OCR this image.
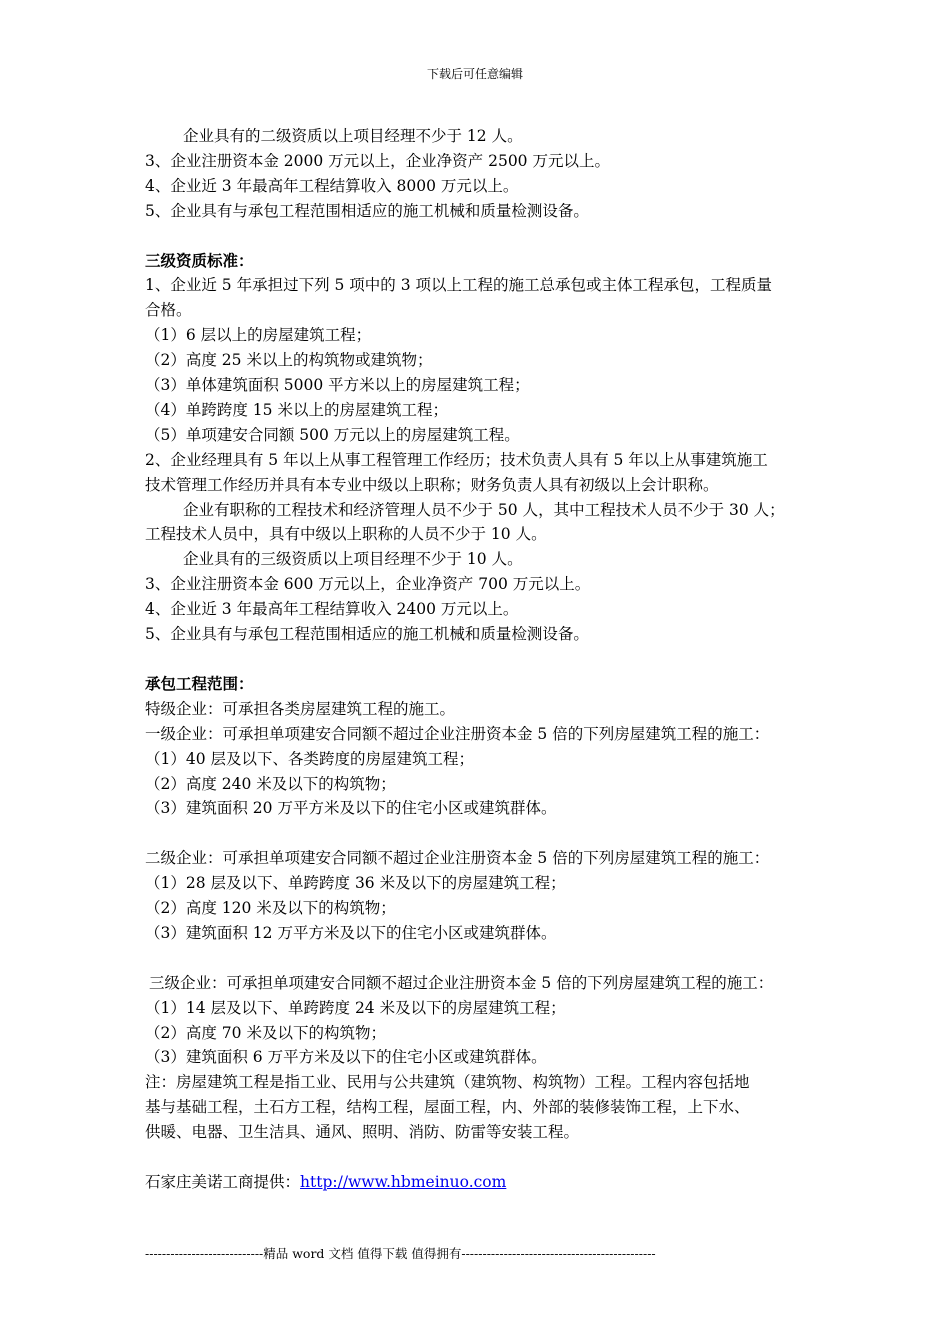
下载后可任意编辑

企业具有的二级资质以上项目经理不少于 12 人。

3、企业注册资本金 2000 万元以上，企业净资产 2500 万元以上。

4、企业近 3 年最高年工程结算收入 8000 万元以上。

5、企业具有与承包工程范围相适应的施工机械和质量检测设备。

三级资质标准：

1、企业近 5 年承担过下列 5 项中的 3 项以上工程的施工总承包或主体工程承包，工程质量

合格。

（1）6 层以上的房屋建筑工程；

（2）高度 25 米以上的构筑物或建筑物；

（3）单体建筑面积 5000 平方米以上的房屋建筑工程；

（4）单跨跨度 15 米以上的房屋建筑工程；

（5）单项建安合同额 500 万元以上的房屋建筑工程。

2、企业经理具有 5 年以上从事工程管理工作经历；技术负责人具有 5 年以上从事建筑施工

技术管理工作经历并具有本专业中级以上职称；财务负责人具有初级以上会计职称。

企业有职称的工程技术和经济管理人员不少于 50 人，其中工程技术人员不少于 30 人；

工程技术人员中，具有中级以上职称的人员不少于 10 人。

企业具有的三级资质以上项目经理不少于 10 人。

3、企业注册资本金 600 万元以上，企业净资产 700 万元以上。

4、企业近 3 年最高年工程结算收入 2400 万元以上。

5、企业具有与承包工程范围相适应的施工机械和质量检测设备。

承包工程范围：

特级企业：可承担各类房屋建筑工程的施工。

一级企业：可承担单项建安合同额不超过企业注册资本金 5 倍的下列房屋建筑工程的施工：

（1）40 层及以下、各类跨度的房屋建筑工程；

（2）高度 240 米及以下的构筑物；

（3）建筑面积 20 万平方米及以下的住宅小区或建筑群体。

二级企业：可承担单项建安合同额不超过企业注册资本金 5 倍的下列房屋建筑工程的施工：

（1）28 层及以下、单跨跨度 36 米及以下的房屋建筑工程；

（2）高度 120 米及以下的构筑物；

（3）建筑面积 12 万平方米及以下的住宅小区或建筑群体。

三级企业：可承担单项建安合同额不超过企业注册资本金 5 倍的下列房屋建筑工程的施工：

（1）14 层及以下、单跨跨度 24 米及以下的房屋建筑工程；

（2）高度 70 米及以下的构筑物；

（3）建筑面积 6 万平方米及以下的住宅小区或建筑群体。

注：房屋建筑工程是指工业、民用与公共建筑（建筑物、构筑物）工程。工程内容包括地

基与基础工程，土石方工程，结构工程，屋面工程，内、外部的装修装饰工程，上下水、

供暖、电器、卫生洁具、通风、照明、消防、防雷等安装工程。

石家庄美诺工商提供：http://www.hbmeinuo.com

----------------------------精品 word 文档 值得下载 值得拥有----------------------------------------------
